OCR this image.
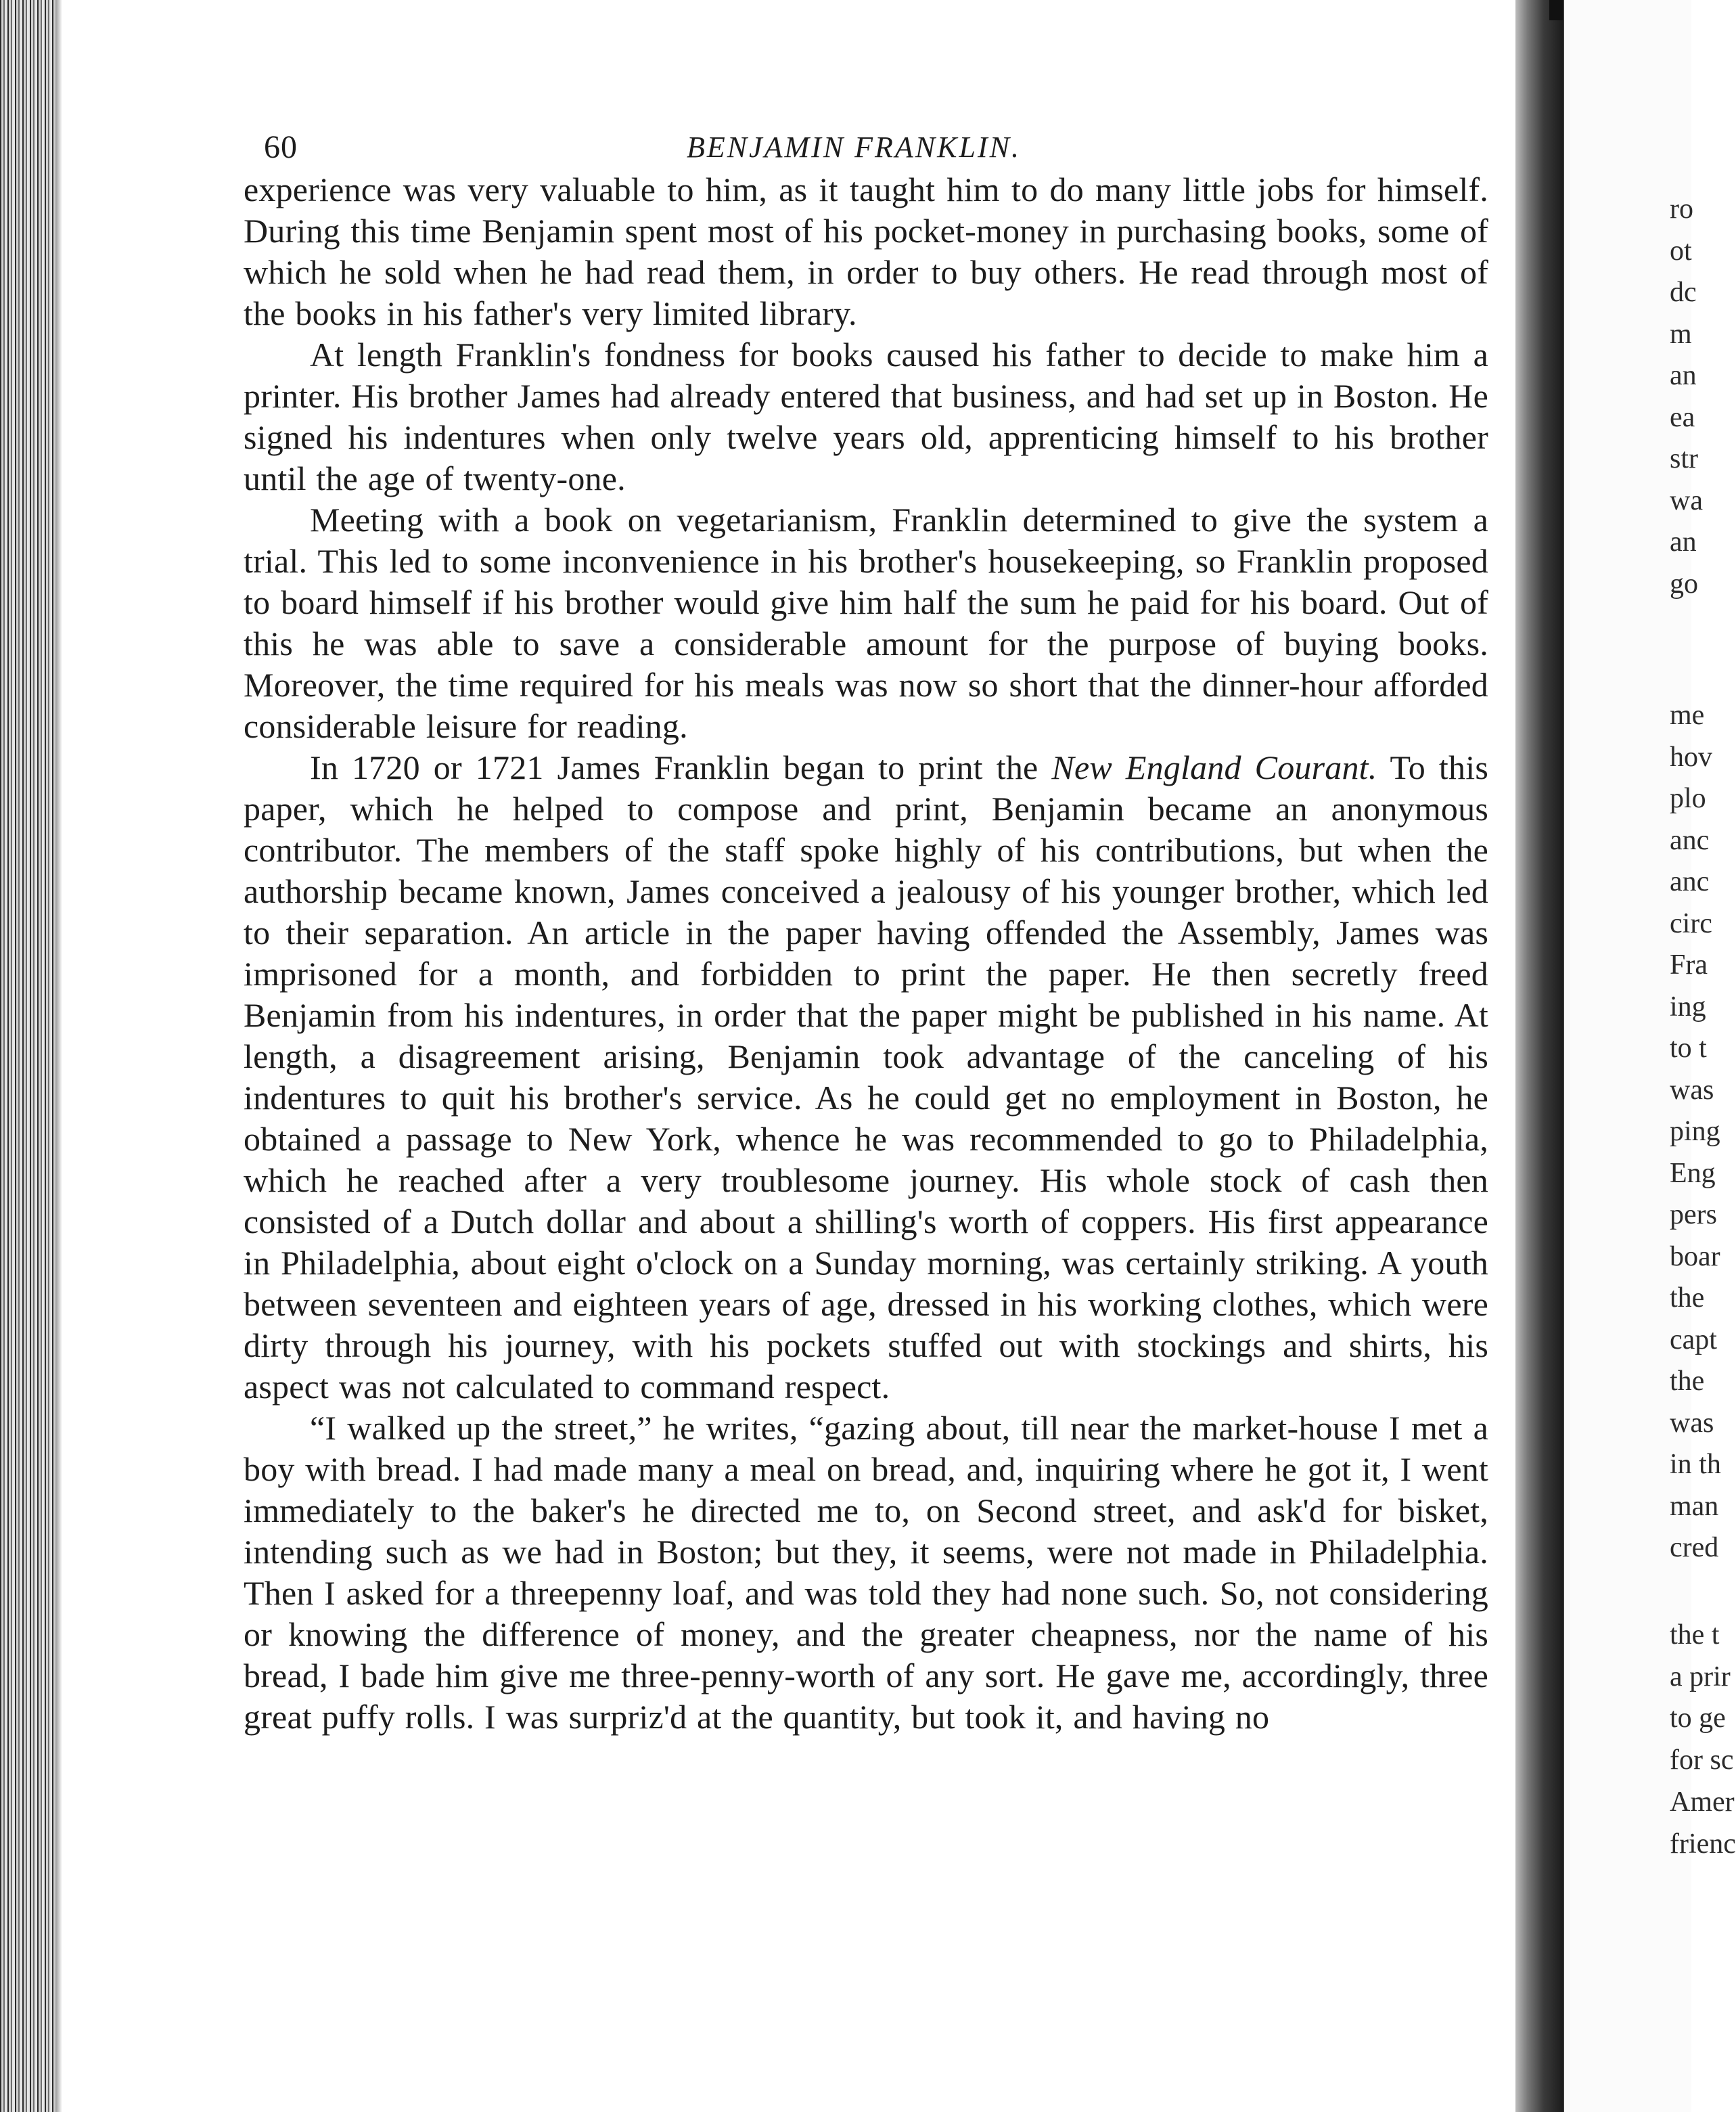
60	BENJAMIN FRANKLIN.

experience was very valuable to him, as it taught him to do many little jobs for himself. During this time Benjamin spent most of his pocket-money in purchasing books, some of which he sold when he had read them, in order to buy others. He read through most of the books in his father's very limited library.

At length Franklin's fondness for books caused his father to decide to make him a printer. His brother James had already entered that business, and had set up in Boston. He signed his indentures when only twelve years old, apprenticing himself to his brother until the age of twenty-one.

Meeting with a book on vegetarianism, Franklin determined to give the system a trial. This led to some inconvenience in his brother's housekeeping, so Franklin proposed to board himself if his brother would give him half the sum he paid for his board. Out of this he was able to save a considerable amount for the purpose of buying books. Moreover, the time required for his meals was now so short that the dinner-hour afforded considerable leisure for reading.

In 1720 or 1721 James Franklin began to print the New England Courant. To this paper, which he helped to compose and print, Benjamin became an anonymous contributor. The members of the staff spoke highly of his contributions, but when the authorship became known, James conceived a jealousy of his younger brother, which led to their separation. An article in the paper having offended the Assembly, James was imprisoned for a month, and forbidden to print the paper. He then secretly freed Benjamin from his indentures, in order that the paper might be published in his name. At length, a disagreement arising, Benjamin took advantage of the canceling of his indentures to quit his brother's service. As he could get no employment in Boston, he obtained a passage to New York, whence he was recommended to go to Philadelphia, which he reached after a very troublesome journey. His whole stock of cash then consisted of a Dutch dollar and about a shilling's worth of coppers. His first appearance in Philadelphia, about eight o'clock on a Sunday morning, was certainly striking. A youth between seventeen and eighteen years of age, dressed in his working clothes, which were dirty through his journey, with his pockets stuffed out with stockings and shirts, his aspect was not calculated to command respect.

“I walked up the street,” he writes, “gazing about, till near the market-house I met a boy with bread. I had made many a meal on bread, and, inquiring where he got it, I went immediately to the baker's he directed me to, on Second street, and ask'd for bisket, intending such as we had in Boston; but they, it seems, were not made in Philadelphia. Then I asked for a threepenny loaf, and was told they had none such. So, not considering or knowing the difference of money, and the greater cheapness, nor the name of his bread, I bade him give me three-penny-worth of any sort. He gave me, accordingly, three great puffy rolls. I was surpriz'd at the quantity, but took it, and having no

ro
ot
dc
m
an
ea
str
wa
an
go
me
hov
plo
anc
anc
circ
Fra
ing
to t
was
ping
Eng
pers
boar
the
capt
the
was
in th
man
cred
the t
a prir
to ge
for sc
Amer
frienc
